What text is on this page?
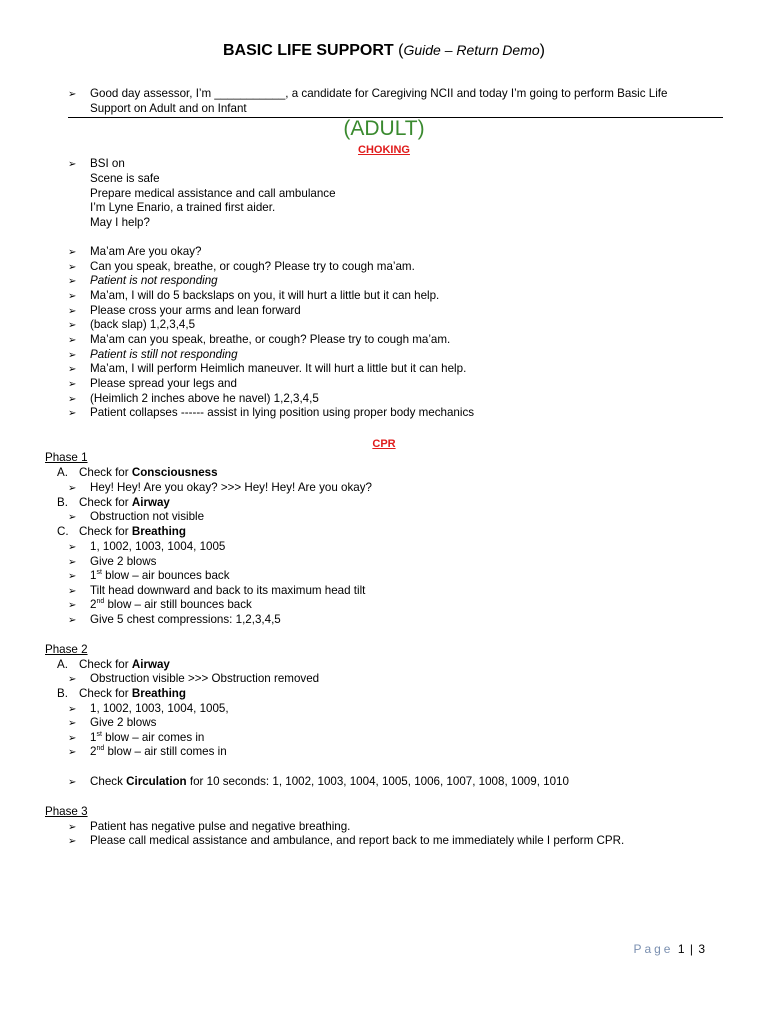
BASIC LIFE SUPPORT (Guide – Return Demo)
➢ Good day assessor, I’m ___________, a candidate for Caregiving NCII and today I’m going to perform Basic Life
Support on Adult and on Infant
(ADULT)
CHOKING
➢ BSI on
Scene is safe
Prepare medical assistance and call ambulance
I’m Lyne Enario, a trained first aider.
May I help?
➢ Ma’am Are you okay?
➢ Can you speak, breathe, or cough? Please try to cough ma’am.
➢ Patient is not responding
➢ Ma’am, I will do 5 backslaps on you, it will hurt a little but it can help.
➢ Please cross your arms and lean forward
➢ (back slap) 1,2,3,4,5
➢ Ma’am can you speak, breathe, or cough? Please try to cough ma’am.
➢ Patient is still not responding
➢ Ma’am, I will perform Heimlich maneuver. It will hurt a little but it can help.
➢ Please spread your legs and
➢ (Heimlich 2 inches above he navel) 1,2,3,4,5
➢ Patient collapses ------ assist in lying position using proper body mechanics
CPR
Phase 1
A. Check for Consciousness
➢ Hey! Hey! Are you okay? >>> Hey! Hey! Are you okay?
B. Check for Airway
➢ Obstruction not visible
C. Check for Breathing
➢ 1, 1002, 1003, 1004, 1005
➢ Give 2 blows
➢ 1st blow – air bounces back
➢ Tilt head downward and back to its maximum head tilt
➢ 2nd blow – air still bounces back
➢ Give 5 chest compressions: 1,2,3,4,5
Phase 2
A. Check for Airway
➢ Obstruction visible >>> Obstruction removed
B. Check for Breathing
➢ 1, 1002, 1003, 1004, 1005,
➢ Give 2 blows
➢ 1st blow – air comes in
➢ 2nd blow – air still comes in
➢ Check Circulation for 10 seconds: 1, 1002, 1003, 1004, 1005, 1006, 1007, 1008, 1009, 1010
Phase 3
➢ Patient has negative pulse and negative breathing.
➢ Please call medical assistance and ambulance, and report back to me immediately while I perform CPR.
Page 1 | 3
